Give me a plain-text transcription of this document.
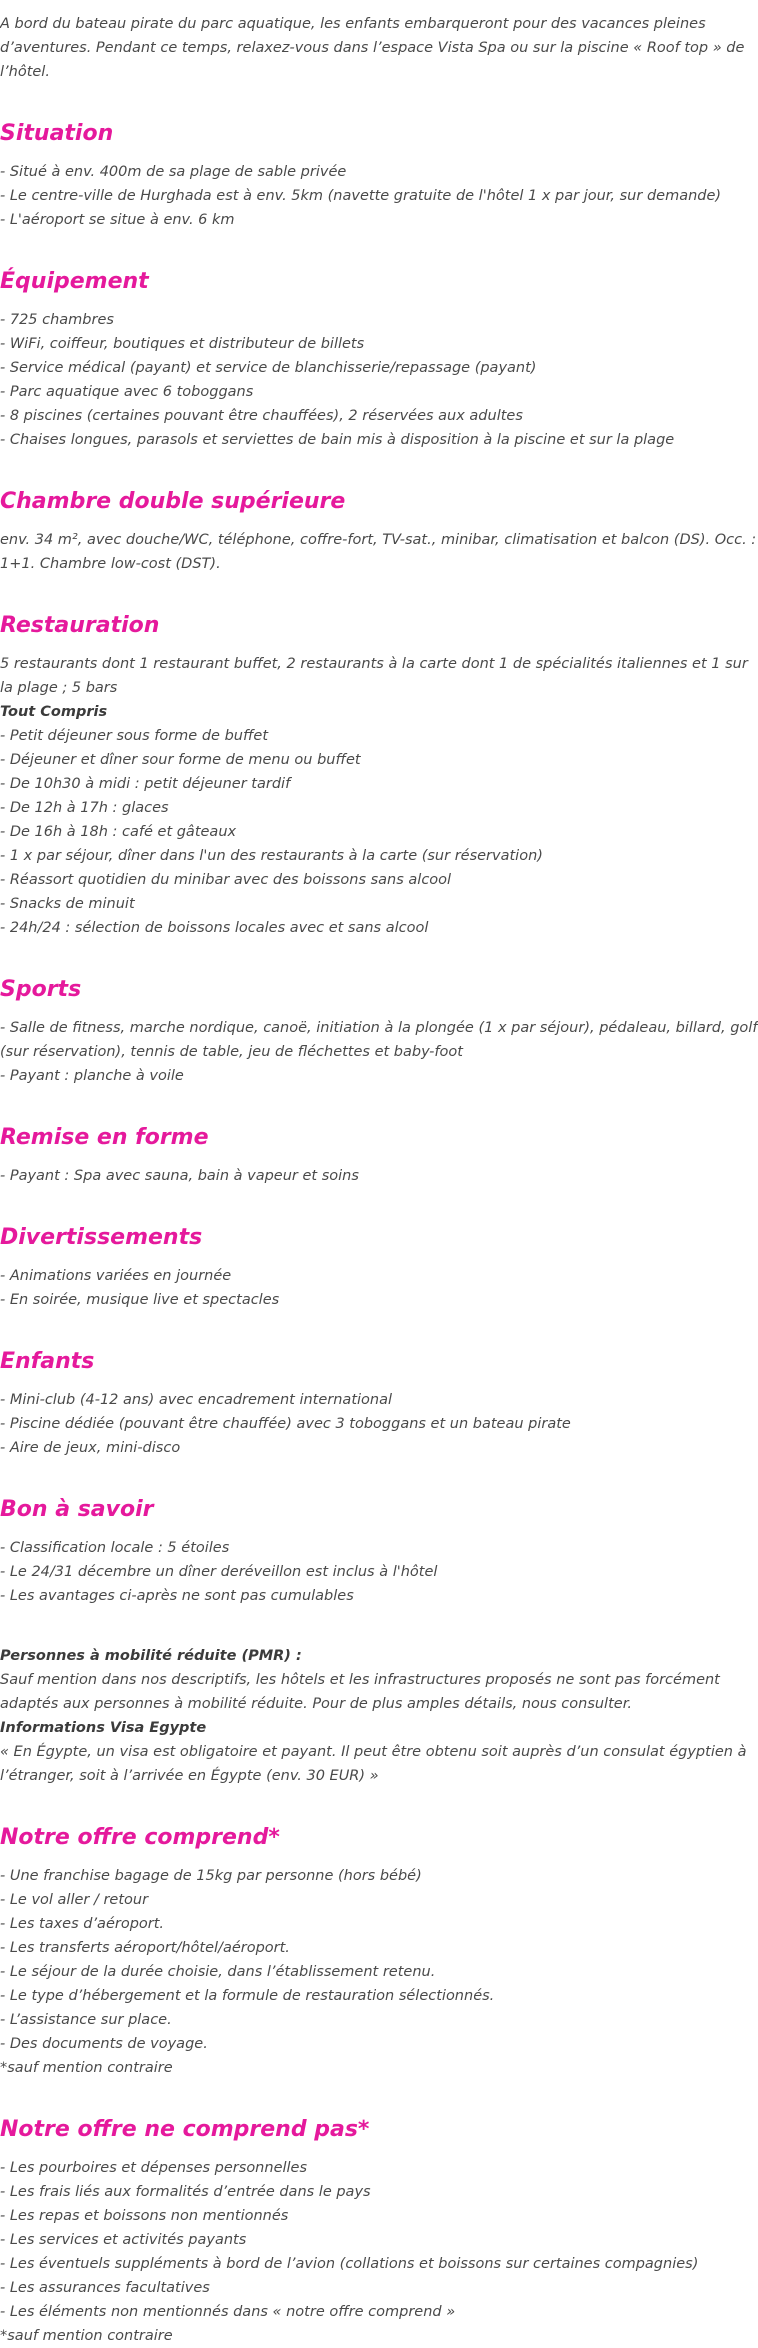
A bord du bateau pirate du parc aquatique, les enfants embarqueront pour des vacances pleines d’aventures. Pendant ce temps, relaxez-vous dans l’espace Vista Spa ou sur la piscine « Roof top » de l’hôtel.

Situation
- Situé à env. 400m de sa plage de sable privée
- Le centre-ville de Hurghada est à env. 5km (navette gratuite de l'hôtel 1 x par jour, sur demande)
- L'aéroport se situe à env. 6 km
Équipement
- 725 chambres
- WiFi, coiffeur, boutiques et distributeur de billets
- Service médical (payant) et service de blanchisserie/repassage (payant)
- Parc aquatique avec 6 toboggans
- 8 piscines (certaines pouvant être chauffées), 2 réservées aux adultes
- Chaises longues, parasols et serviettes de bain mis à disposition à la piscine et sur la plage
Chambre double supérieure
env. 34 m², avec douche/WC, téléphone, coffre-fort, TV-sat., minibar, climatisation et balcon (DS). Occ. : 1+1. Chambre low-cost (DST).
Restauration
5 restaurants dont 1 restaurant buffet, 2 restaurants à la carte dont 1 de spécialités italiennes et 1 sur la plage ; 5 bars
Tout Compris
- Petit déjeuner sous forme de buffet
- Déjeuner et dîner sour forme de menu ou buffet
- De 10h30 à midi : petit déjeuner tardif
- De 12h à 17h : glaces
- De 16h à 18h : café et gâteaux
- 1 x par séjour, dîner dans l'un des restaurants à la carte (sur réservation)
- Réassort quotidien du minibar avec des boissons sans alcool
- Snacks de minuit
- 24h/24 : sélection de boissons locales avec et sans alcool
Sports
- Salle de fitness, marche nordique, canoë, initiation à la plongée (1 x par séjour), pédaleau, billard, golf (sur réservation), tennis de table, jeu de fléchettes et baby-foot
- Payant : planche à voile
Remise en forme
- Payant : Spa avec sauna, bain à vapeur et soins
Divertissements
- Animations variées en journée
- En soirée, musique live et spectacles
Enfants
- Mini-club (4-12 ans) avec encadrement international
- Piscine dédiée (pouvant être chauffée) avec 3 toboggans et un bateau pirate
- Aire de jeux, mini-disco
Bon à savoir
- Classification locale : 5 étoiles
- Le 24/31 décembre un dîner deréveillon est inclus à l'hôtel
- Les avantages ci-après ne sont pas cumulables
Personnes à mobilité réduite (PMR) :
Sauf mention dans nos descriptifs, les hôtels et les infrastructures proposés ne sont pas forcément adaptés aux personnes à mobilité réduite. Pour de plus amples détails, nous consulter.
Informations Visa Egypte
« En Égypte, un visa est obligatoire et payant. Il peut être obtenu soit auprès d’un consulat égyptien à l’étranger, soit à l’arrivée en Égypte (env. 30 EUR) »
Notre offre comprend*
- Une franchise bagage de 15kg par personne (hors bébé)
- Le vol aller / retour
- Les taxes d’aéroport.
- Les transferts aéroport/hôtel/aéroport.
- Le séjour de la durée choisie, dans l’établissement retenu.
- Le type d’hébergement et la formule de restauration sélectionnés.
- L’assistance sur place.
- Des documents de voyage.
*sauf mention contraire
Notre offre ne comprend pas*
- Les pourboires et dépenses personnelles
- Les frais liés aux formalités d’entrée dans le pays
- Les repas et boissons non mentionnés
- Les services et activités payants
- Les éventuels suppléments à bord de l’avion (collations et boissons sur certaines compagnies)
- Les assurances facultatives
- Les éléments non mentionnés dans « notre offre comprend »
*sauf mention contraire
